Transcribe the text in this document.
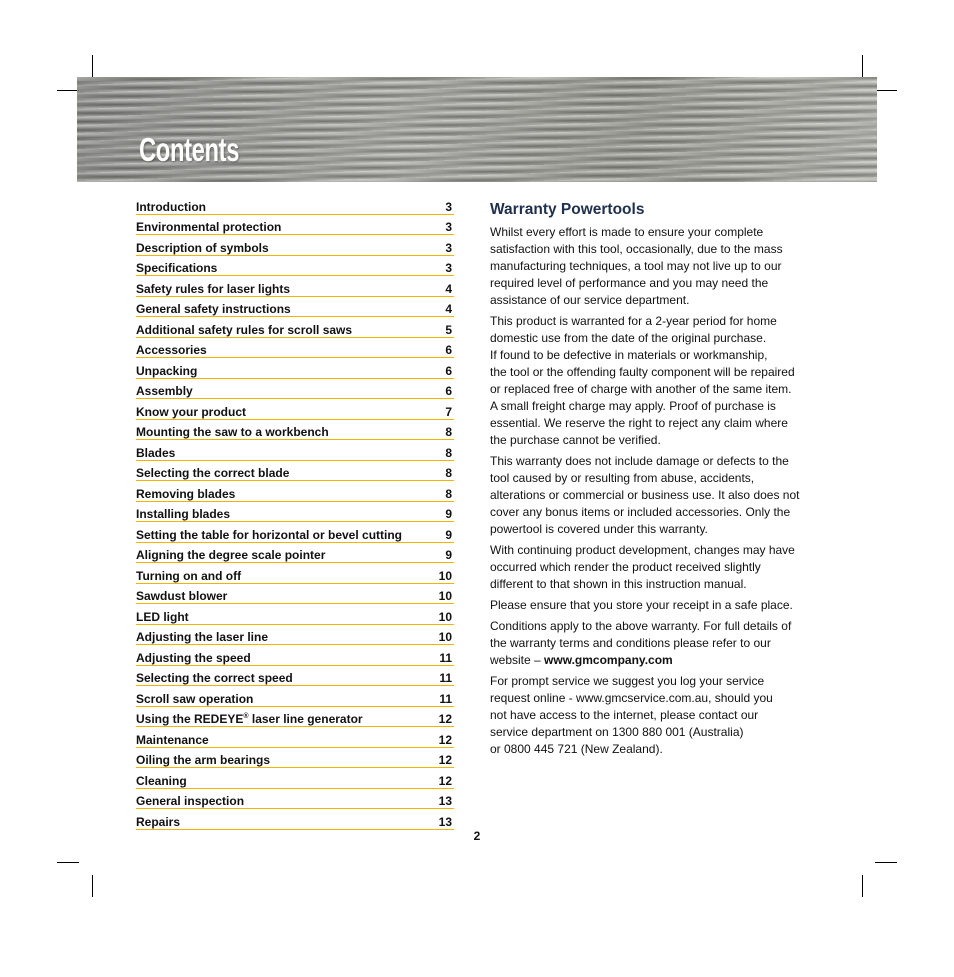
Contents
Introduction	3
Environmental protection	3
Description of symbols	3
Specifications	3
Safety rules for laser lights	4
General safety instructions	4
Additional safety rules for scroll saws	5
Accessories	6
Unpacking	6
Assembly	6
Know your product	7
Mounting the saw to a workbench	8
Blades	8
Selecting the correct blade	8
Removing blades	8
Installing blades	9
Setting the table for horizontal or bevel cutting	9
Aligning the degree scale pointer	9
Turning on and off	10
Sawdust blower	10
LED light	10
Adjusting the laser line	10
Adjusting the speed	11
Selecting the correct speed	11
Scroll saw operation	11
Using the REDEYE® laser line generator	12
Maintenance	12
Oiling the arm bearings	12
Cleaning	12
General inspection	13
Repairs	13
Warranty Powertools

Whilst every effort is made to ensure your complete
satisfaction with this tool, occasionally, due to the mass
manufacturing techniques, a tool may not live up to our
required level of performance and you may need the
assistance of our service department.

This product is warranted for a 2-year period for home
domestic use from the date of the original purchase.
If found to be defective in materials or workmanship,
the tool or the offending faulty component will be repaired
or replaced free of charge with another of the same item.
A small freight charge may apply. Proof of purchase is
essential. We reserve the right to reject any claim where
the purchase cannot be verified.

This warranty does not include damage or defects to the
tool caused by or resulting from abuse, accidents,
alterations or commercial or business use. It also does not
cover any bonus items or included accessories. Only the
powertool is covered under this warranty.

With continuing product development, changes may have
occurred which render the product received slightly
different to that shown in this instruction manual.

Please ensure that you store your receipt in a safe place.

Conditions apply to the above warranty. For full details of
the warranty terms and conditions please refer to our
website – www.gmcompany.com

For prompt service we suggest you log your service
request online - www.gmcservice.com.au, should you
not have access to the internet, please contact our
service department on 1300 880 001 (Australia)
or 0800 445 721 (New Zealand).

2
